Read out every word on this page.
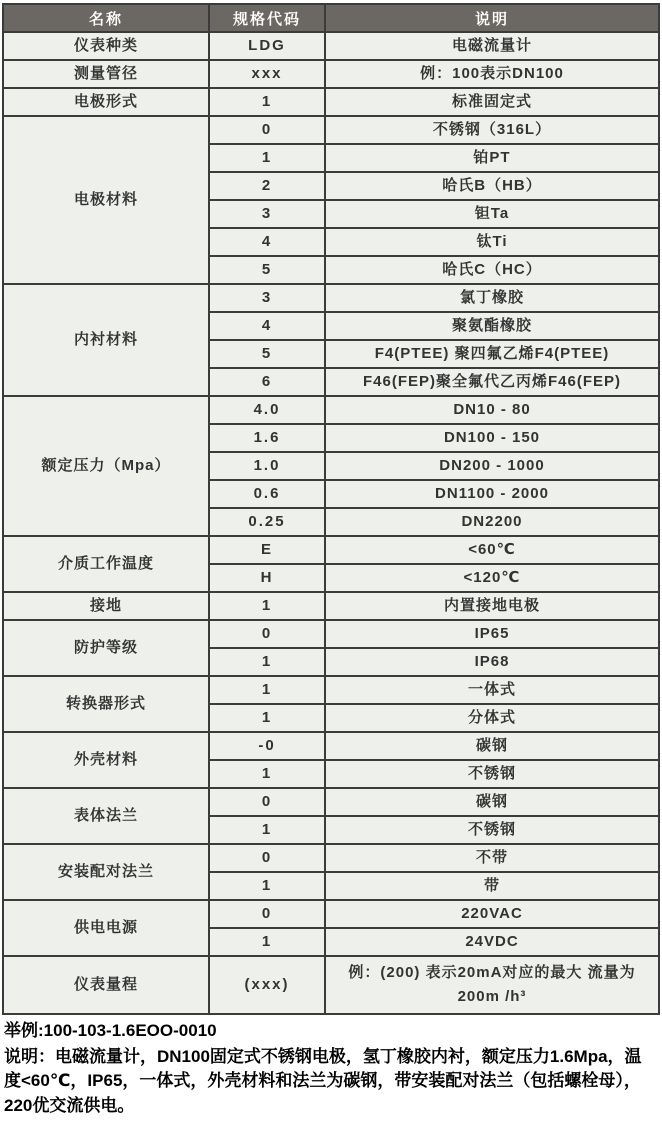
名称	规格代码	说明
仪表种类	LDG	电磁流量计
测量管径	xxx	例：100表示DN100
电极形式	1	标准固定式
电极材料	0	不锈钢（316L）
	1	铂PT
	2	哈氏B（HB）
	3	钽Ta
	4	钛Ti
	5	哈氏C（HC）
内衬材料	3	氯丁橡胶
	4	聚氨酯橡胶
	5	F4(PTEE) 聚四氟乙烯F4(PTEE)
	6	F46(FEP)聚全氟代乙丙烯F46(FEP)
额定压力（Mpa）	4.0	DN10 - 80
	1.6	DN100 - 150
	1.0	DN200 - 1000
	0.6	DN1100 - 2000
	0.25	DN2200
介质工作温度	E	<60℃
	H	<120℃
接地	1	内置接地电极
防护等级	0	IP65
	1	IP68
转换器形式	1	一体式
	1	分体式
外壳材料	-0	碳钢
	1	不锈钢
表体法兰	0	碳钢
	1	不锈钢
安装配对法兰	0	不带
	1	带
供电电源	0	220VAC
	1	24VDC
仪表量程	(xxx)	例：(200) 表示20mA对应的最大 流量为200m /h³
举例:100-103-1.6EOO-0010
说明：电磁流量计，DN100固定式不锈钢电极，氢丁橡胶内衬，额定压力1.6Mpa，温度<60℃，IP65，一体式，外壳材料和法兰为碳钢，带安装配对法兰（包括螺栓母），220优交流供电。
